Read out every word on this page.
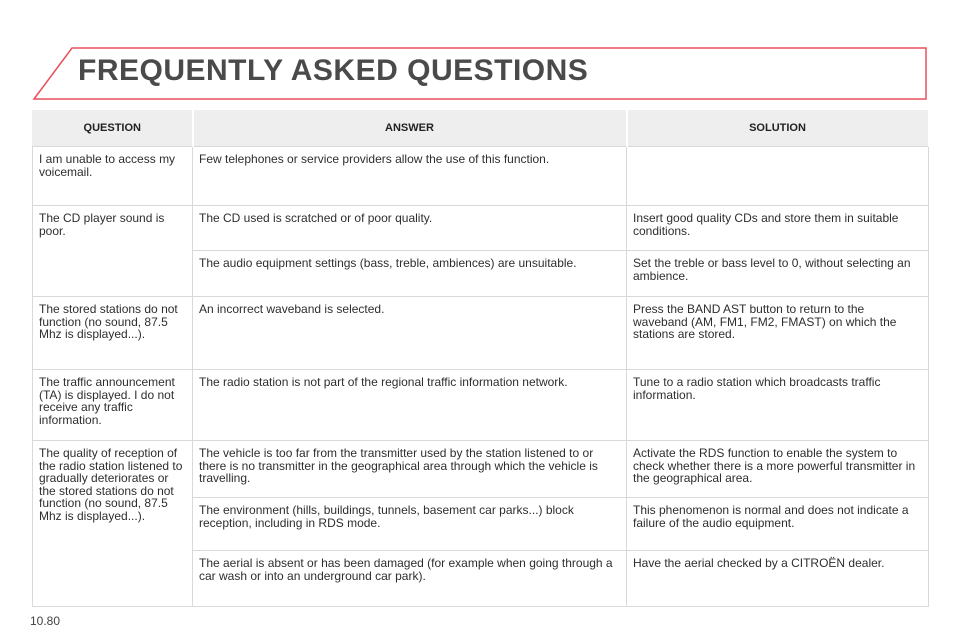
FREQUENTLY ASKED QUESTIONS
QUESTION	ANSWER	SOLUTION
I am unable to access my voicemail.	Few telephones or service providers allow the use of this function.	
The CD player sound is poor.	The CD used is scratched or of poor quality.	Insert good quality CDs and store them in suitable conditions.
	The audio equipment settings (bass, treble, ambiences) are unsuitable.	Set the treble or bass level to 0, without selecting an ambience.
The stored stations do not function (no sound, 87.5 Mhz is displayed...).	An incorrect waveband is selected.	Press the BAND AST button to return to the waveband (AM, FM1, FM2, FMAST) on which the stations are stored.
The traffic announcement (TA) is displayed. I do not receive any traffic information.	The radio station is not part of the regional traffic information network.	Tune to a radio station which broadcasts traffic information.
The quality of reception of the radio station listened to gradually deteriorates or the stored stations do not function (no sound, 87.5 Mhz is displayed...).	The vehicle is too far from the transmitter used by the station listened to or there is no transmitter in the geographical area through which the vehicle is travelling.	Activate the RDS function to enable the system to check whether there is a more powerful transmitter in the geographical area.
	The environment (hills, buildings, tunnels, basement car parks...) block reception, including in RDS mode.	This phenomenon is normal and does not indicate a failure of the audio equipment.
	The aerial is absent or has been damaged (for example when going through a car wash or into an underground car park).	Have the aerial checked by a CITROËN dealer.
10.80
